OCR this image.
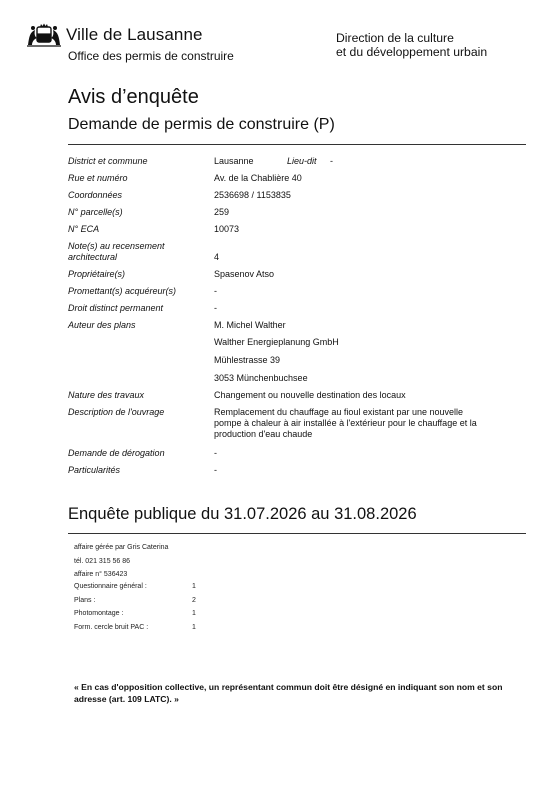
Ville de Lausanne
Office des permis de construire
Direction de la culture
et du développement urbain
Avis d’enquête
Demande de permis de construire (P)
District et commune	Lausanne	Lieu-dit -
Rue et numéro	Av. de la Chablière 40
Coordonnées	2536698 / 1153835
N° parcelle(s)	259
N° ECA	10073
Note(s) au recensement
architectural	4
Propriétaire(s)	Spasenov Atso
Promettant(s) acquéreur(s)	-
Droit distinct permanent	-
Auteur des plans	M. Michel Walther
Walther Energieplanung GmbH
Mühlestrasse 39
3053 Münchenbuchsee
Nature des travaux	Changement ou nouvelle destination des locaux
Description de l'ouvrage	Remplacement du chauffage au fioul existant par une nouvelle
pompe à chaleur à air installée à l'extérieur pour le chauffage et la
production d'eau chaude
Demande de dérogation	-
Particularités	-
Enquête publique du 31.07.2026 au 31.08.2026
affaire gérée par Gris Caterina
tél. 021 315 56 86
affaire n° 536423
Questionnaire général :	1
Plans :	2
Photomontage :	1
Form. cercle bruit PAC :	1
« En cas d'opposition collective, un représentant commun doit être désigné en indiquant son nom et son adresse (art. 109 LATC). »
